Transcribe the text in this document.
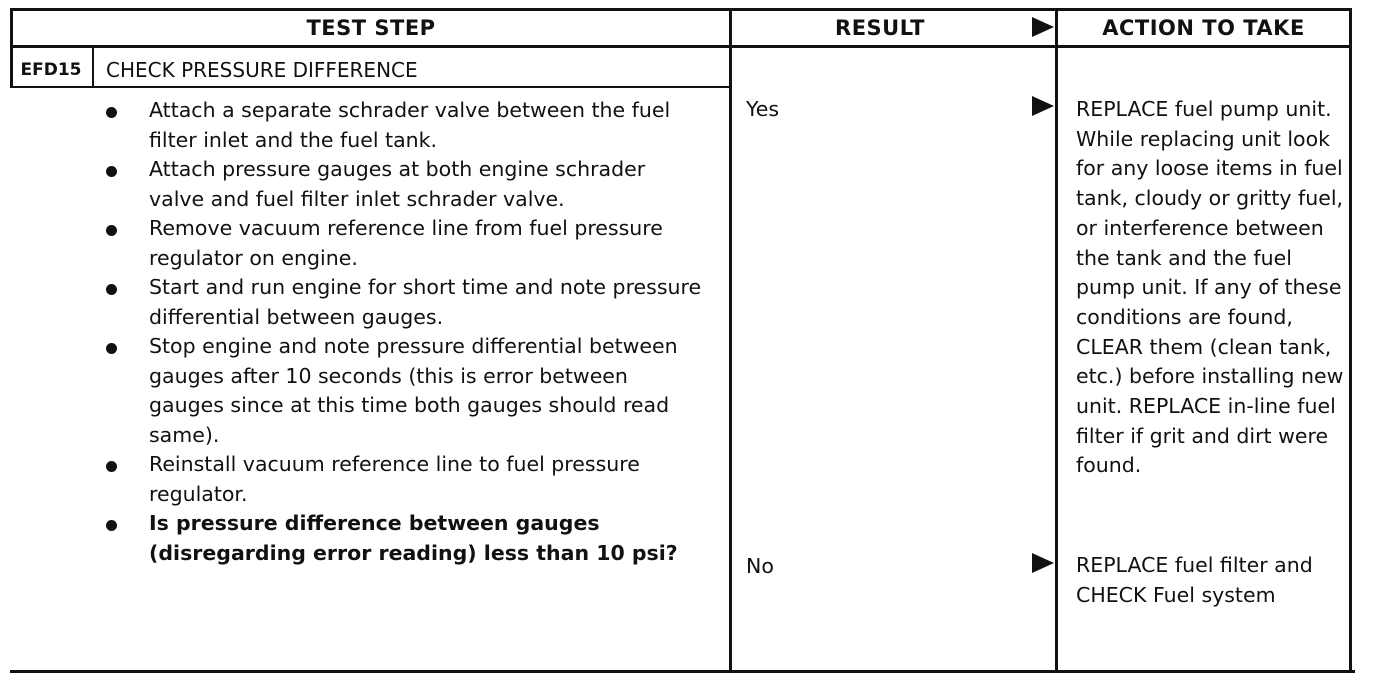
TEST STEP	RESULT	ACTION TO TAKE
EFD15	CHECK PRESSURE DIFFERENCE
Attach a separate schrader valve between the fuel filter inlet and the fuel tank.
Attach pressure gauges at both engine schrader valve and fuel filter inlet schrader valve.
Remove vacuum reference line from fuel pressure regulator on engine.
Start and run engine for short time and note pressure differential between gauges.
Stop engine and note pressure differential between gauges after 10 seconds (this is error between gauges since at this time both gauges should read same).
Reinstall vacuum reference line to fuel pressure regulator.
Is pressure difference between gauges (disregarding error reading) less than 10 psi?
Yes	REPLACE fuel pump unit. While replacing unit look for any loose items in fuel tank, cloudy or gritty fuel, or interference between the tank and the fuel pump unit. If any of these conditions are found, CLEAR them (clean tank, etc.) before installing new unit. REPLACE in-line fuel filter if grit and dirt were found.
No	REPLACE fuel filter and CHECK Fuel system
